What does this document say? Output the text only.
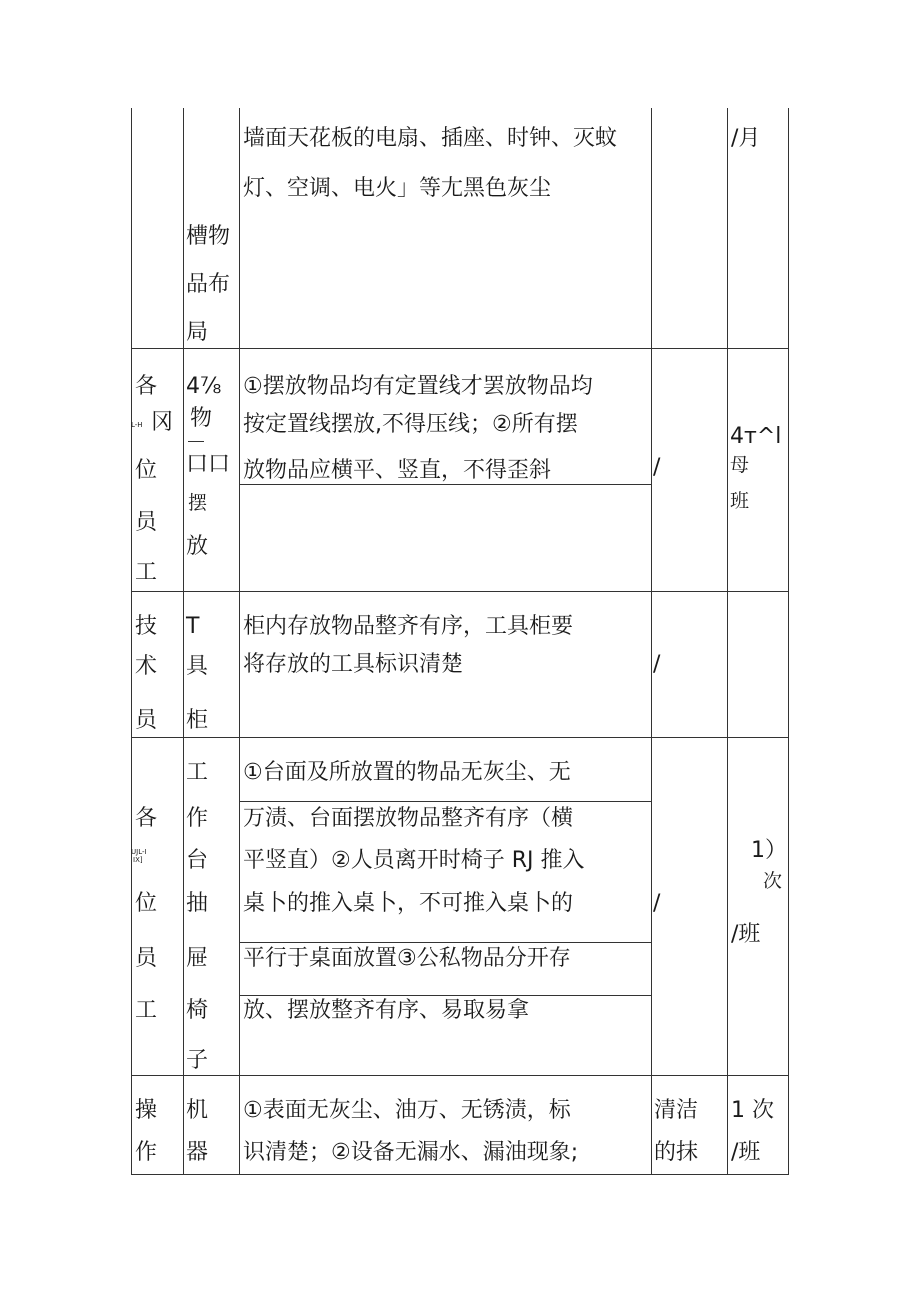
槽物
品布
局
墙面天花板的电扇、插座、时钟、灭蚊
灯、空调、电火」等尢黑色灰尘
/月
各
L-H 冈
位
员
工
4⅞
物
口口
摆
放
①摆放物品均有定置线才罢放物品均
按定置线摆放,不得压线；②所有摆
放物品应横平、竖直，不得歪斜	/
4т^l
母
班
技
术
员
T
具
柜
柜内存放物品整齐有序，工具柜要
将存放的工具标识清楚	/
各
UJL-I
IX]
位
员
工
工
作
台
抽
屉
椅
子
①台面及所放置的物品无灰尘、无
万渍、台面摆放物品整齐有序（横
平竖直）②人员离开时椅子 RJ 推入
桌卜的推入桌卜，不可推入桌卜的
平行于桌面放置③公私物品分开存
放、摆放整齐有序、易取易拿
/
1）
次
/班
操
作
机
器
①表面无灰尘、油万、无锈渍，标
识清楚；②设备无漏水、漏油现象;
清洁
的抹
1 次
/班
